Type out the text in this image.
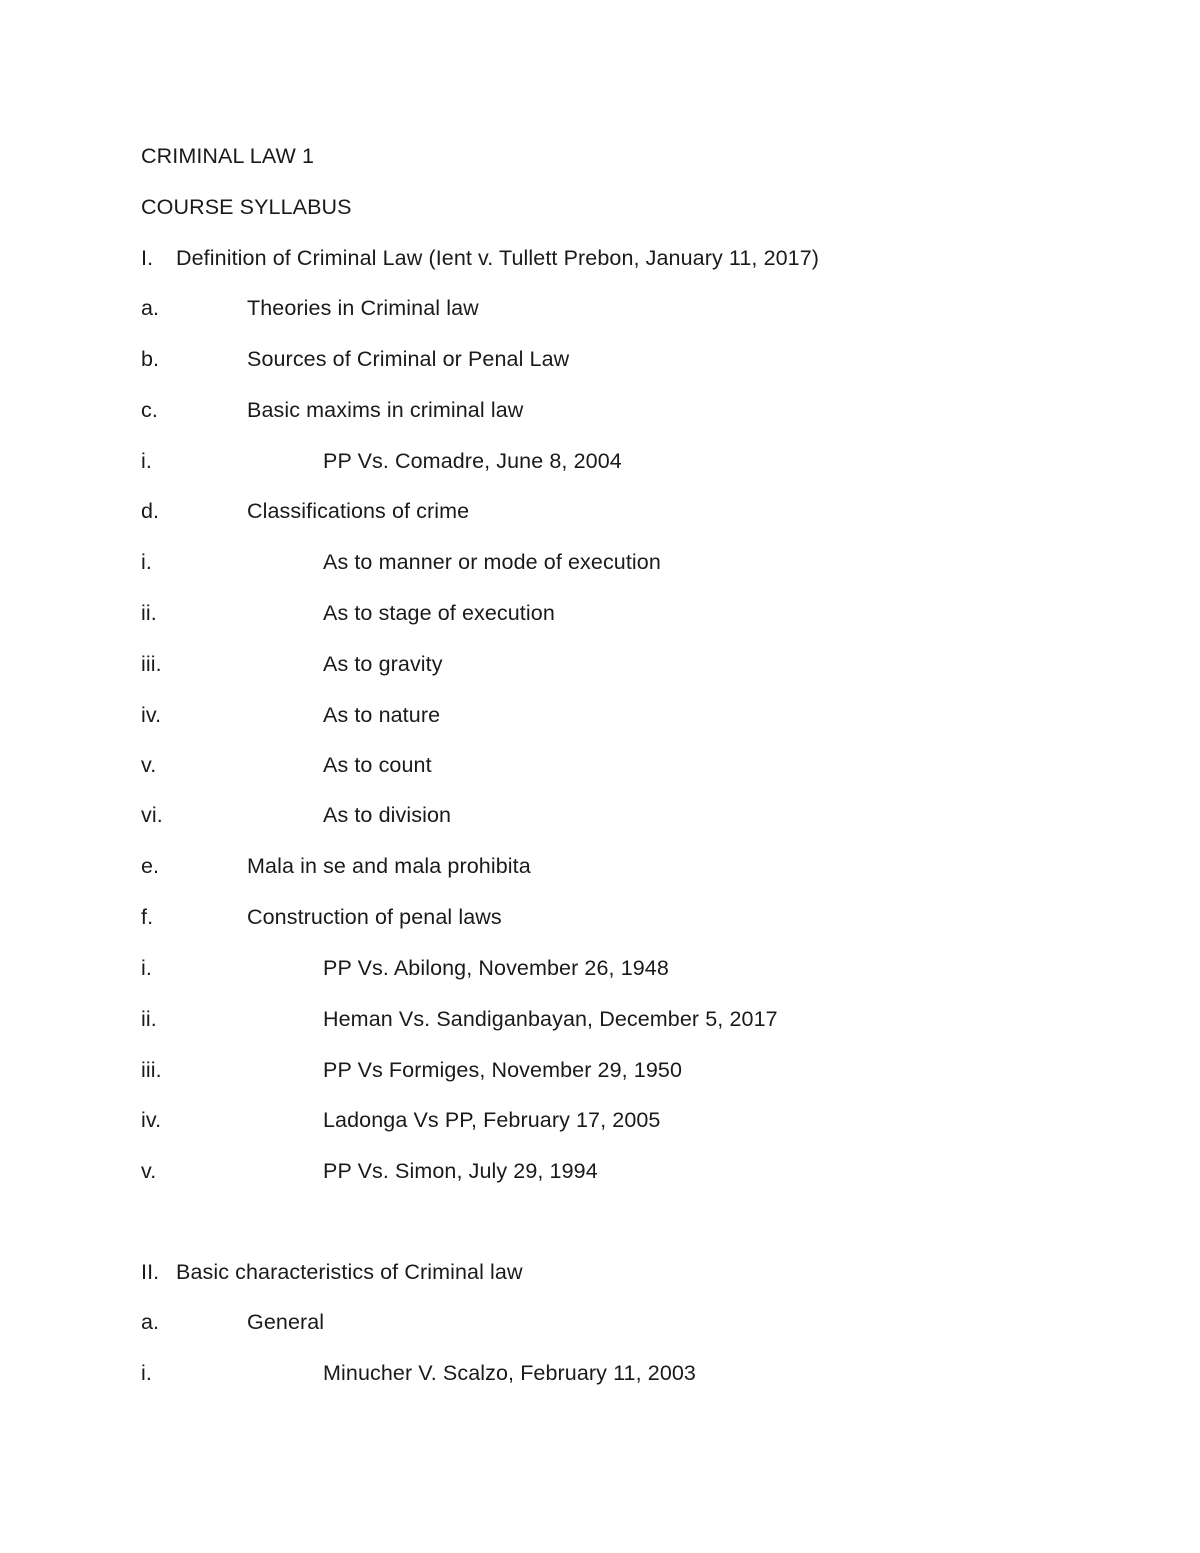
CRIMINAL LAW 1
COURSE SYLLABUS
I. Definition of Criminal Law (Ient v. Tullett Prebon, January 11, 2017)
a.	Theories in Criminal law
b.	Sources of Criminal or Penal Law
c.	Basic maxims in criminal law
i.	PP Vs. Comadre, June 8, 2004
d.	Classifications of crime
i.	As to manner or mode of execution
ii.	As to stage of execution
iii.	As to gravity
iv.	As to nature
v.	As to count
vi.	As to division
e.	Mala in se and mala prohibita
f.	Construction of penal laws
i.	PP Vs. Abilong, November 26, 1948
ii.	Heman Vs. Sandiganbayan, December 5, 2017
iii.	PP Vs Formiges, November 29, 1950
iv.	Ladonga Vs PP, February 17, 2005
v.	PP Vs. Simon, July 29, 1994
II. Basic characteristics of Criminal law
a.	General
i.	Minucher V. Scalzo, February 11, 2003
